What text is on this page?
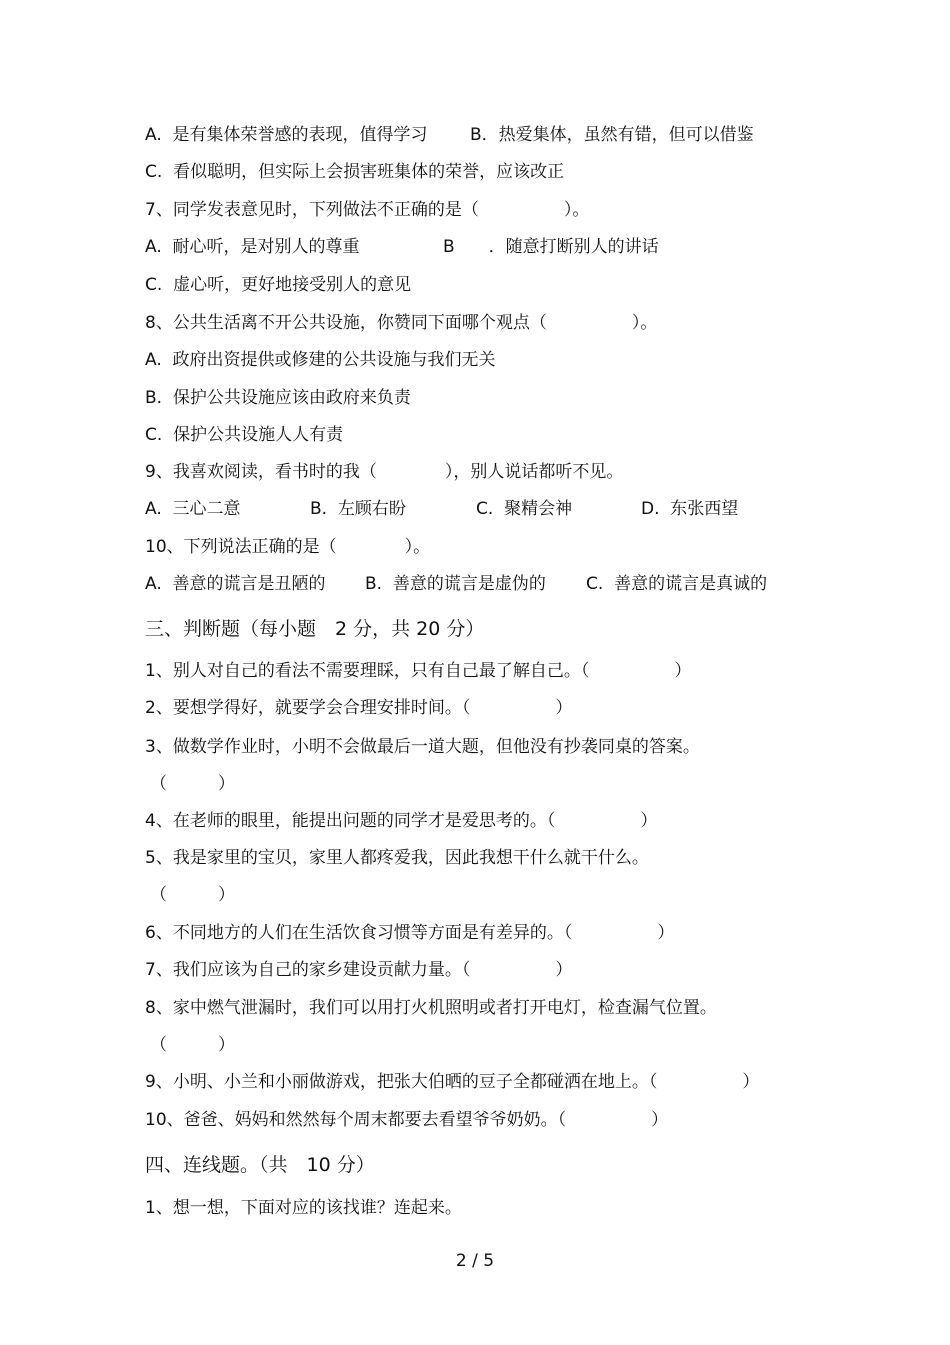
A.  是有集体荣誉感的表现，值得学习 B．热爱集体，虽然有错，但可以借鉴
C.  看似聪明，但实际上会损害班集体的荣誉，应该改正
7、同学发表意见时，下列做法不正确的是（　　　　　）。
A.  耐心听，是对别人的尊重	B　　．随意打断别人的讲话
C.  虚心听，更好地接受别人的意见
8、公共生活离不开公共设施，你赞同下面哪个观点（　　　　　）。
A.  政府出资提供或修建的公共设施与我们无关
B.  保护公共设施应该由政府来负责
C.  保护公共设施人人有责
9、我喜欢阅读，看书时的我（　　　　），别人说话都听不见。
A.  三心二意	B.  左顾右盼	C.  聚精会神	D.  东张西望
10、下列说法正确的是（　　　　）。
A.  善意的谎言是丑陋的 B.  善意的谎言是虚伪的 C.  善意的谎言是真诚的
三、判断题（每小题　2 分，共 20 分）
1、别人对自己的看法不需要理睬，只有自己最了解自己。（　　　　　）
2、要想学得好，就要学会合理安排时间。（　　　　　）
3、做数学作业时，小明不会做最后一道大题，但他没有抄袭同桌的答案。
（　　　）
4、在老师的眼里，能提出问题的同学才是爱思考的。（　　　　　）
5、我是家里的宝贝，家里人都疼爱我，因此我想干什么就干什么。
（　　　）
6、不同地方的人们在生活饮食习惯等方面是有差异的。（　　　　　）
7、我们应该为自己的家乡建设贡献力量。（　　　　　）
8、家中燃气泄漏时，我们可以用打火机照明或者打开电灯，检查漏气位置。
（　　　）
9、小明、小兰和小丽做游戏，把张大伯晒的豆子全都碰洒在地上。（　　　　　）
10、爸爸、妈妈和然然每个周末都要去看望爷爷奶奶。（　　　　　）
四、连线题。（共　10 分）
1、想一想，下面对应的该找谁？连起来。
2 / 5
